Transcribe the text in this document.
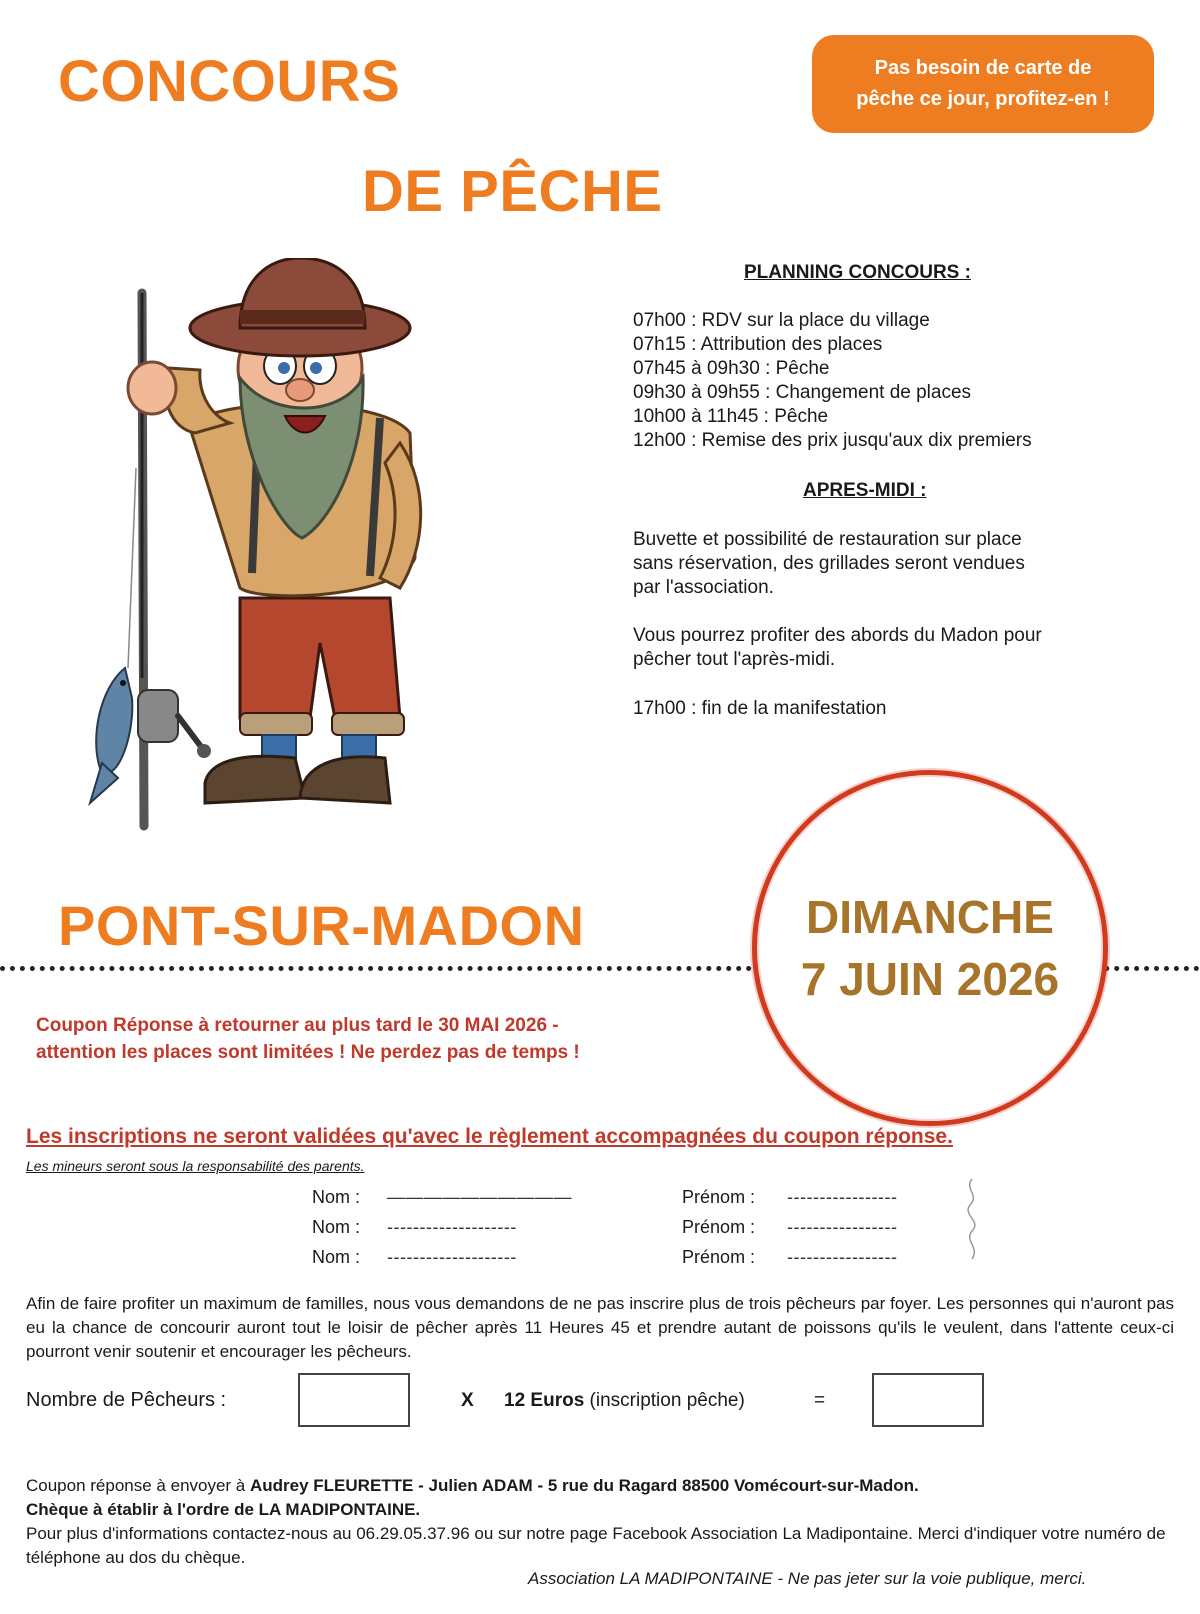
CONCOURS
DE PÊCHE
Pas besoin de carte de
pêche ce jour, profitez-en !
PLANNING CONCOURS :
07h00 : RDV sur la place du village
07h15 : Attribution des places
07h45 à 09h30 : Pêche
09h30 à 09h55 : Changement de places
10h00 à 11h45 : Pêche
12h00 : Remise des prix jusqu'aux dix premiers
APRES-MIDI :
Buvette et possibilité de restauration sur place
sans réservation, des grillades seront vendues
par l'association.
Vous pourrez profiter des abords du Madon pour
pêcher tout l'après-midi.
17h00 : fin de la manifestation
PONT-SUR-MADON	DIMANCHE
7 JUIN 2026
Coupon Réponse à retourner au plus tard le 30 MAI 2026 -
attention les places sont limitées ! Ne perdez pas de temps !
Les inscriptions ne seront validées qu'avec le règlement accompagnées du coupon réponse.
Les mineurs seront sous la responsabilité des parents.
Nom : ——————————	Prénom : -----------------
Nom : --------------------	Prénom : -----------------
Nom : --------------------	Prénom : -----------------
Afin de faire profiter un maximum de familles, nous vous demandons de ne pas inscrire plus de trois pêcheurs par foyer. Les personnes qui n'auront pas eu la chance de concourir auront tout le loisir de pêcher après 11 Heures 45 et prendre autant de poissons qu'ils le veulent, dans l'attente ceux-ci pourront venir soutenir et encourager les pêcheurs.
Nombre de Pêcheurs :	X 12 Euros (inscription pêche)	=
Coupon réponse à envoyer à Audrey FLEURETTE - Julien ADAM - 5 rue du Ragard 88500 Vomécourt-sur-Madon.
Chèque à établir à l'ordre de LA MADIPONTAINE.
Pour plus d'informations contactez-nous au 06.29.05.37.96 ou sur notre page Facebook Association La Madipontaine. Merci d'indiquer votre numéro de téléphone au dos du chèque.
Association LA MADIPONTAINE - Ne pas jeter sur la voie publique, merci.
